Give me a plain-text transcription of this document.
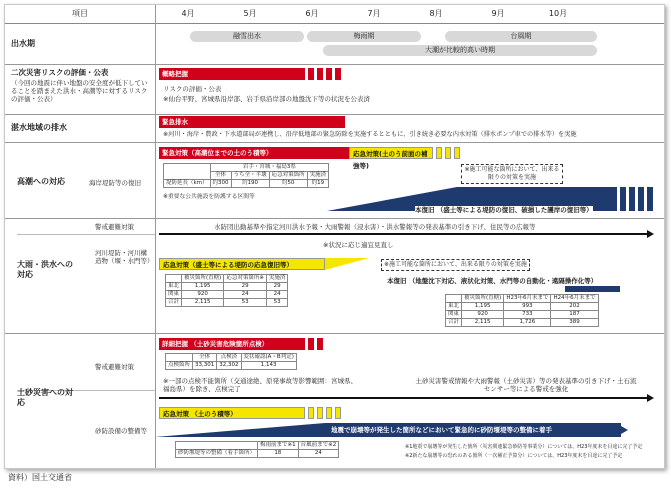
項目	4月	5月	6月	7月	8月	9月	10月
出水期
融雪出水	梅雨期	台風期
大潮が比較的高い時期
二次災害リスクの評価・公表
（今回の地震に伴い地盤の安全度が低下していることを踏まえた洪水・高潮等に対するリスクの評価・公表）
概略把握
リスクの評価・公表
※仙台平野、宮城県沿岸部、岩手県沿岸部の地盤沈下等の状況を公表済
湛水地域の排水
緊急排水
※河川・海岸・農政・下水道部局が連携し、沿岸低地部の緊急防除を実施するとともに、引き続き必要な内水対策（排水ポンプ車での排水等）を実施
高潮への対応	海岸堤防等の復旧
緊急対策（高潮位までの土のう積等）	応急対策(土のう前面の補強等)
	岩手・宮城・福島3県			
	全体	うち全・半壊	応急対策箇所	実施済
堤防延長（km）	約300	約190	約50	約19
※重要な公共施設を防護する区間等
※施工可能な箇所において、出来る限りの対策を実施
本復旧 （盛土等による堤防の復旧、破損した護岸の復旧等）
大雨・洪水への対応
警戒避難対策
河川堤防・河川構造物（堰・水門等）
水防団出動基準や指定河川洪水予報・大雨警報（浸水害）・洪水警報等の発表基準の引き下げ、住民等の広報等
※状況に応じ適宜見直し
応急対策（盛土等による堤防の応急復旧等）	※施工可能な箇所において、出来る限りの対策を実施
	被災箇所(直轄)	応急対策箇所※	実施済
東北	1,195	29	29
関東	920	24	24
合計	2,115	53	53
本復旧 （地盤沈下対応、液状化対策、水門等の自動化・遠隔操作化等）
	被災箇所(直轄)	H23年6月末まで	H24年6月末まで
東北	1,195	993	202
関東	920	733	187
合計	2,115	1,726	389
土砂災害への対応
警戒避難対策
砂防設備の整備等
詳細把握 （土砂災害危険箇所点検）
	全体	点検済	変状確認(A・B判定)
点検箇所	33,301	32,302	1,143
※一部の点検不能箇所（交通途絶、原発事故等影響範囲：宮城県、福島県）を除き、点検完了
土砂災害警戒情報や大雨警報（土砂災害）等の発表基準の引き下げ・土石流センサー等による警戒を強化
応急対策 （土のう積等）
地震で崩壊等が発生した箇所などにおいて緊急的に砂防堰堤等の整備に着手
	梅雨前まで※1	台風前まで※2
砂防堰堤等の整備（着手箇所）	18	24
※1地震で崩壊等が発生した箇所（災害関連緊急砂防等事業分）については、H23年度末を目途に完了予定
※2新たな崩壊等の恐れのある箇所（一次補正予算分）については、H23年度末を目途に完了予定
資料）国土交通省
